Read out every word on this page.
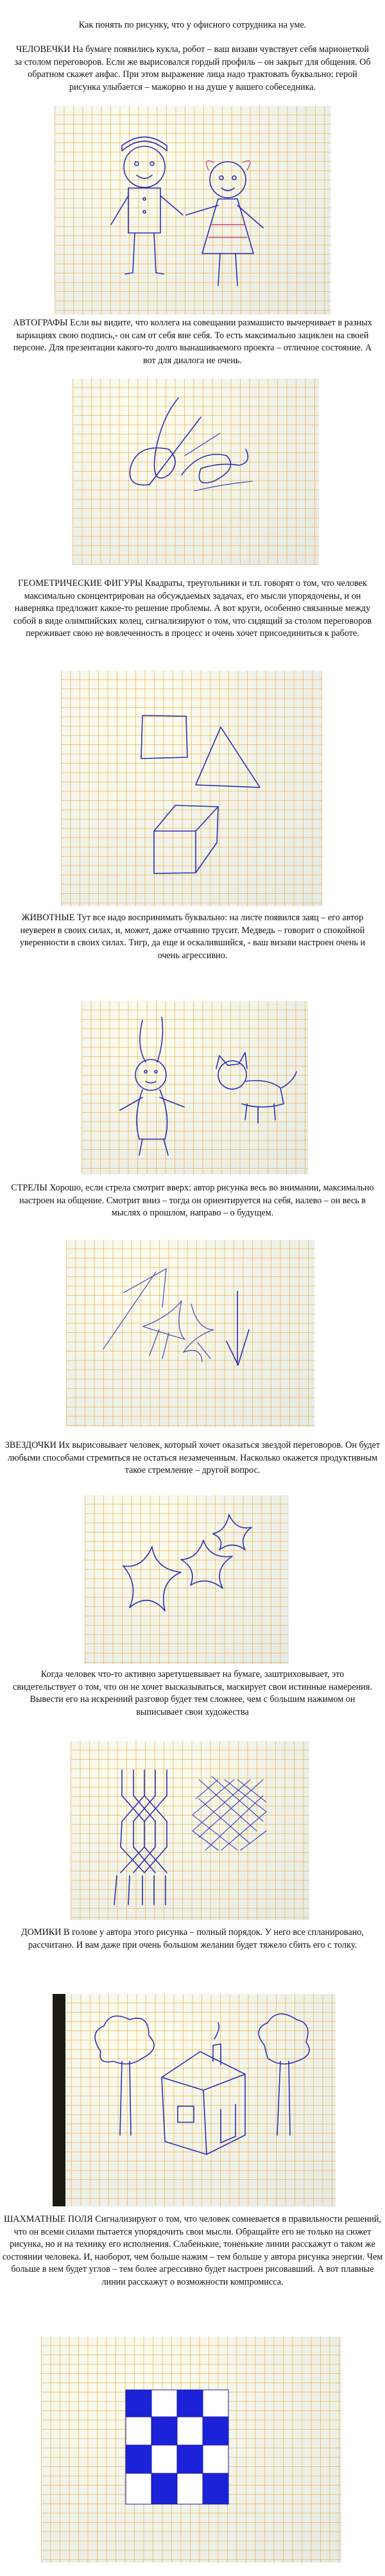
Как понять по рисунку, что у офисного сотрудника на уме.

ЧЕЛОВЕЧКИ На бумаге появились кукла, робот – ваш визави чувствует себя марионеткой за столом переговоров. Если же вырисовался гордый профиль – он закрыт для общения. Об обратном скажет анфас. При этом выражение лица надо трактовать буквально: герой рисунка улыбается – мажорно и на душе у вашего собеседника.

АВТОГРАФЫ Если вы видите, что коллега на совещании размашисто вычерчивает в разных вариациях свою подпись,- он сам от себя вне себя. То есть максимально зациклен на своей персоне. Для презентации какого-то долго вынашиваемого проекта – отличное состояние. А вот для диалога не очень.

ГЕОМЕТРИЧЕСКИЕ ФИГУРЫ Квадраты, треугольники и т.п. говорят о том, что человек максимально сконцентрирован на обсуждаемых задачах, его мысли упорядочены, и он наверняка предложит какое-то решение проблемы. А вот круги, особенно связанные между собой в виде олимпийских колец, сигнализируют о том, что сидящий за столом переговоров переживает свою не вовлеченность в процесс и очень хочет присоединиться к работе.

ЖИВОТНЫЕ Тут все надо воспринимать буквально: на листе появился заяц – его автор неуверен в своих силах, и, может, даже отчаянно трусит. Медведь – говорит о спокойной уверенности в своих силах. Тигр, да еще и оскалившийся, - ваш визави настроен очень и очень агрессивно.

СТРЕЛЫ Хорошо, если стрела смотрит вверх: автор рисунка весь во внимании, максимально настроен на общение. Смотрит вниз – тогда он ориентируется на себя, налево – он весь в мыслях о прошлом, направо – о будущем.

ЗВЕЗДОЧКИ Их вырисовывает человек, который хочет оказаться звездой переговоров. Он будет любыми способами стремиться не остаться незамеченным. Насколько окажется продуктивным такое стремление – другой вопрос.

Когда человек что-то активно заретушевывает на бумаге, заштриховывает, это свидетельствует о том, что он не хочет высказываться, маскирует свои истинные намерения. Вывести его на искренний разговор будет тем сложнее, чем с большим нажимом он выписывает свои художества

ДОМИКИ В голове у автора этого рисунка – полный порядок. У него все спланировано, рассчитано. И вам даже при очень большом желании будет тяжело сбить его с толку.

ШАХМАТНЫЕ ПОЛЯ Сигнализируют о том, что человек сомневается в правильности решений, что он всеми силами пытается упорядочить свои мысли. Обращайте его не только на сюжет рисунка, но и на технику его исполнения. Слабенькие, тоненькие линии расскажут о таком же состоянии человека. И, наоборот, чем больше нажим – тем больше у автора рисунка энергии. Чем больше в нем будет углов – тем более агрессивно будет настроен рисовавший. А вот плавные линии расскажут о возможности компромисса.
